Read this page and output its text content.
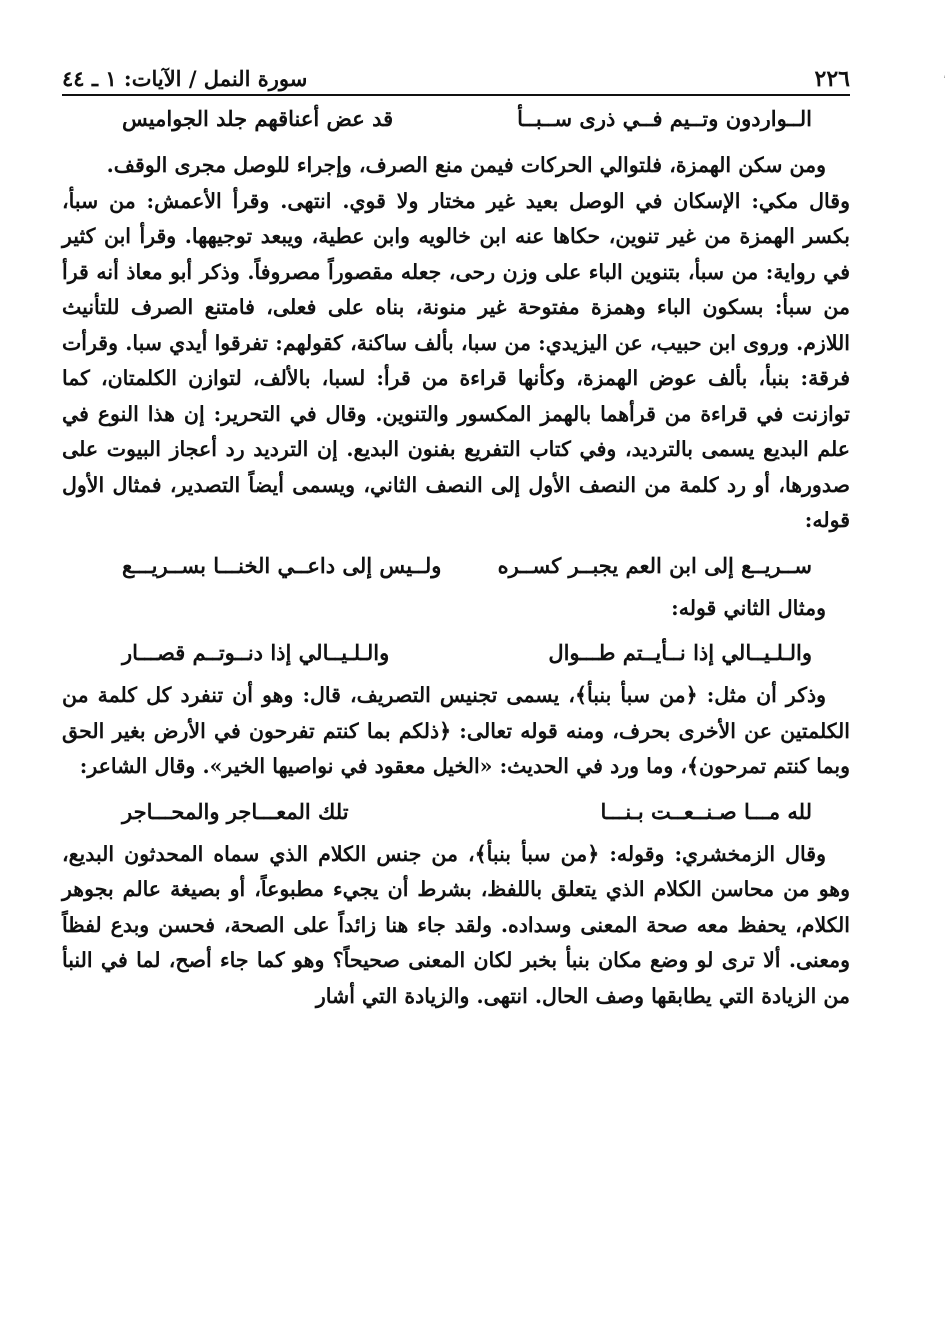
٢٢٦
سورة النمل / الآيات: ١ ـ ٤٤
الــواردون وتــيم فــي ذرى ســبــأ
قد عض أعناقهم جلد الجواميس

ومن سكن الهمزة، فلتوالي الحركات فيمن منع الصرف، وإجراء للوصل مجرى الوقف.

وقال مكي: الإسكان في الوصل بعيد غير مختار ولا قوي. انتهى. وقرأ الأعمش: من سبأ، بكسر الهمزة من غير تنوين، حكاها عنه ابن خالويه وابن عطية، ويبعد توجيهها. وقرأ ابن كثير في رواية: من سبأ، بتنوين الباء على وزن رحى، جعله مقصوراً مصروفاً. وذكر أبو معاذ أنه قرأ من سبأ: بسكون الباء وهمزة مفتوحة غير منونة، بناه على فعلى، فامتنع الصرف للتأنيث اللازم. وروى ابن حبيب، عن اليزيدي: من سبا، بألف ساكنة، كقولهم: تفرقوا أيدي سبا. وقرأت فرقة: بنبأ، بألف عوض الهمزة، وكأنها قراءة من قرأ: لسبا، بالألف، لتوازن الكلمتان، كما توازنت في قراءة من قرأهما بالهمز المكسور والتنوين. وقال في التحرير: إن هذا النوع في علم البديع يسمى بالترديد، وفي كتاب التفريع بفنون البديع. إن الترديد رد أعجاز البيوت على صدورها، أو رد كلمة من النصف الأول إلى النصف الثاني، ويسمى أيضاً التصدير، فمثال الأول قوله:

ســريــع إلى ابن العم يجبــر كســره
ولــيس إلى داعــي الخنـــا بســريـــع

ومثال الثاني قوله:

والـلـيــالي إذا نــأيــتم طـــوال
والـلـيــالي إذا دنــوتــم قصـــار

وذكر أن مثل: ﴿من سبأ بنبأ﴾، يسمى تجنيس التصريف، قال: وهو أن تنفرد كل كلمة من الكلمتين عن الأخرى بحرف، ومنه قوله تعالى: ﴿ذلكم بما كنتم تفرحون في الأرض بغير الحق وبما كنتم تمرحون﴾، وما ورد في الحديث: «الخيل معقود في نواصيها الخير». وقال الشاعر:

لله مـــا صـنــعــت بـنـــا
تلك المعـــاجر والمحـــاجر

وقال الزمخشري: وقوله: ﴿من سبأ بنبأ﴾، من جنس الكلام الذي سماه المحدثون البديع، وهو من محاسن الكلام الذي يتعلق باللفظ، بشرط أن يجيء مطبوعاً، أو بصيغة عالم بجوهر الكلام، يحفظ معه صحة المعنى وسداده. ولقد جاء هنا زائداً على الصحة، فحسن وبدع لفظاً ومعنى. ألا ترى لو وضع مكان بنبأ بخبر لكان المعنى صحيحاً؟ وهو كما جاء أصح، لما في النبأ من الزيادة التي يطابقها وصف الحال. انتهى. والزيادة التي أشار
